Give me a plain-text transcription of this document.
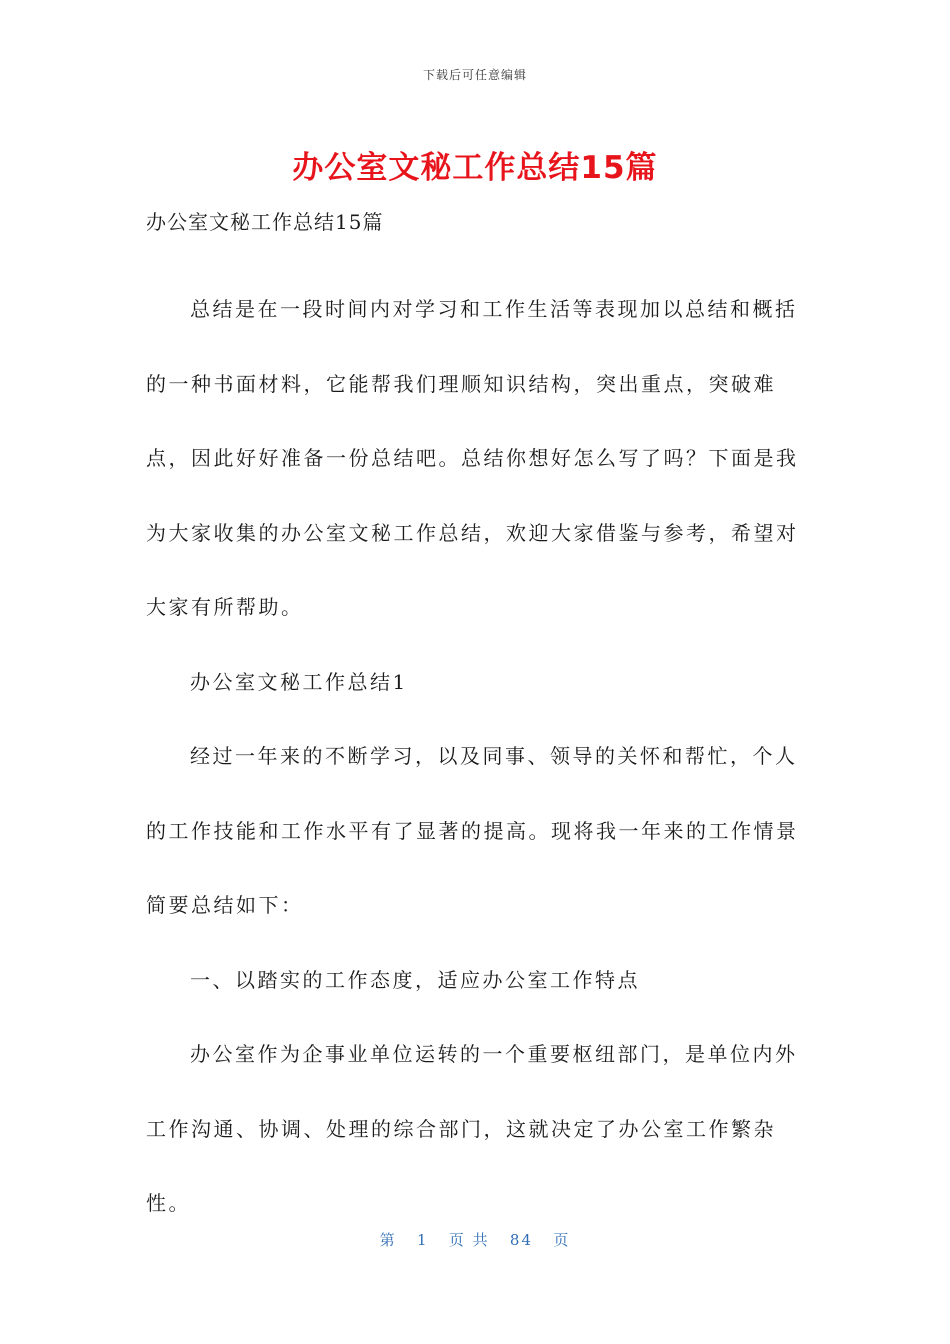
下载后可任意编辑
办公室文秘工作总结15篇
办公室文秘工作总结15篇

总结是在一段时间内对学习和工作生活等表现加以总结和概括的一种书面材料，它能帮我们理顺知识结构，突出重点，突破难点，因此好好准备一份总结吧。总结你想好怎么写了吗？下面是我为大家收集的办公室文秘工作总结，欢迎大家借鉴与参考，希望对大家有所帮助。

办公室文秘工作总结1

经过一年来的不断学习，以及同事、领导的关怀和帮忙，个人的工作技能和工作水平有了显著的提高。现将我一年来的工作情景简要总结如下：

一、以踏实的工作态度，适应办公室工作特点

办公室作为企事业单位运转的一个重要枢纽部门，是单位内外工作沟通、协调、处理的综合部门，这就决定了办公室工作繁杂性。

第 1 页 共 84 页
